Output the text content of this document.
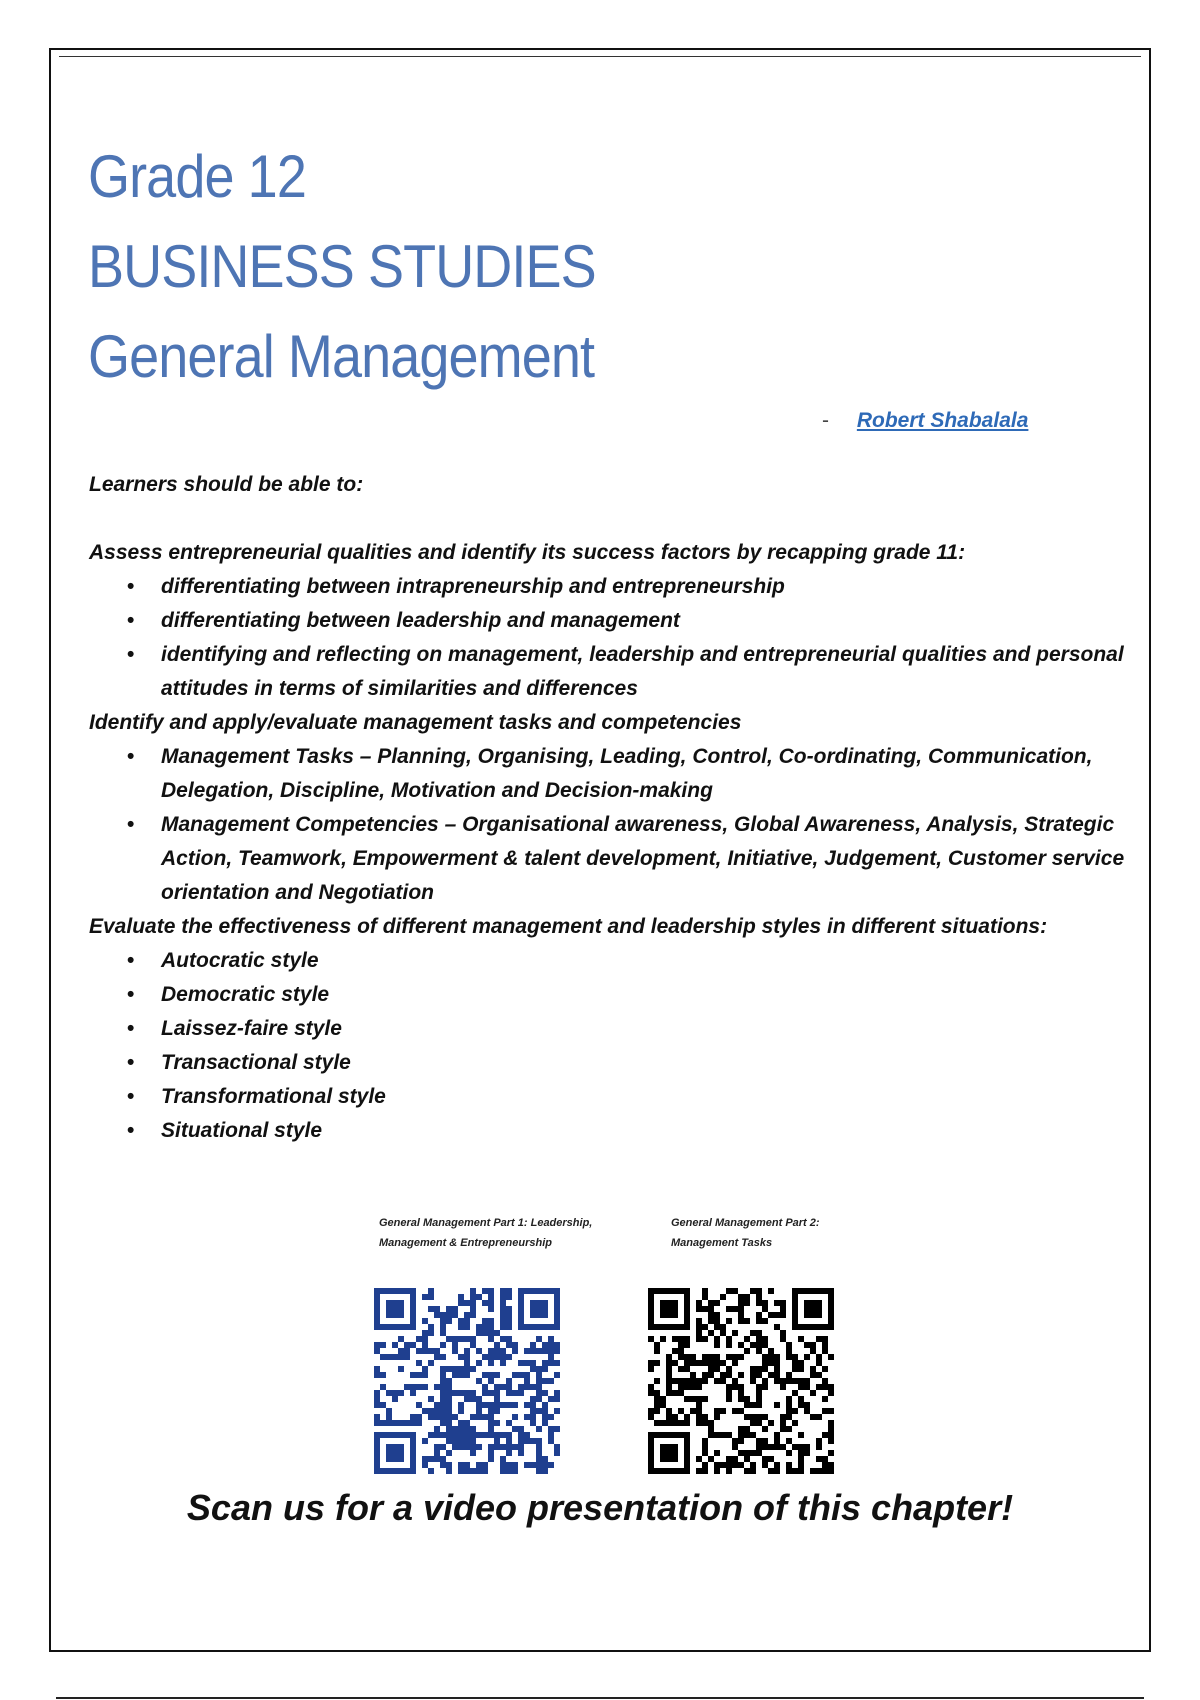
Grade 12
BUSINESS STUDIES
General Management
- Robert Shabalala
Learners should be able to:
Assess entrepreneurial qualities and identify its success factors by recapping grade 11:
• differentiating between intrapreneurship and entrepreneurship
• differentiating between leadership and management
• identifying and reflecting on management, leadership and entrepreneurial qualities and personal attitudes in terms of similarities and differences
Identify and apply/evaluate management tasks and competencies
• Management Tasks – Planning, Organising, Leading, Control, Co-ordinating, Communication, Delegation, Discipline, Motivation and Decision-making
• Management Competencies – Organisational awareness, Global Awareness, Analysis, Strategic Action, Teamwork, Empowerment & talent development, Initiative, Judgement, Customer service orientation and Negotiation
Evaluate the effectiveness of different management and leadership styles in different situations:
• Autocratic style
• Democratic style
• Laissez-faire style
• Transactional style
• Transformational style
• Situational style
General Management Part 1: Leadership, Management & Entrepreneurship
General Management Part 2: Management Tasks
Scan us for a video presentation of this chapter!
